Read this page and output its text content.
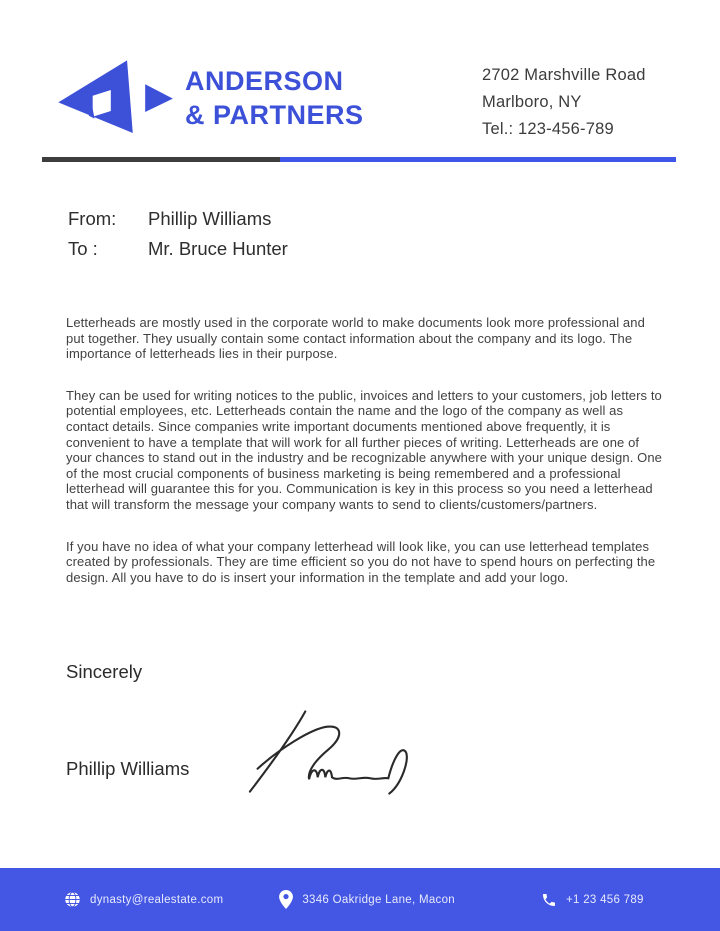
ANDERSON
& PARTNERS
2702 Marshville Road
Marlboro, NY
Tel.: 123-456-789
From:	Phillip Williams
To :	Mr. Bruce Hunter

Letterheads are mostly used in the corporate world to make documents look more professional and put together. They usually contain some contact information about the company and its logo. The importance of letterheads lies in their purpose.

They can be used for writing notices to the public, invoices and letters to your customers, job letters to potential employees, etc. Letterheads contain the name and the logo of the company as well as contact details. Since companies write important documents mentioned above frequently, it is convenient to have a template that will work for all further pieces of writing. Letterheads are one of your chances to stand out in the industry and be recognizable anywhere with your unique design. One of the most crucial components of business marketing is being remembered and a professional letterhead will guarantee this for you. Communication is key in this process so you need a letterhead that will transform the message your company wants to send to clients/customers/partners.

If you have no idea of what your company letterhead will look like, you can use letterhead templates created by professionals. They are time efficient so you do not have to spend hours on perfecting the design. All you have to do is insert your information in the template and add your logo.

Sincerely
Phillip Williams
dynasty@realestate.com	3346 Oakridge Lane, Macon	+1 23 456 789
